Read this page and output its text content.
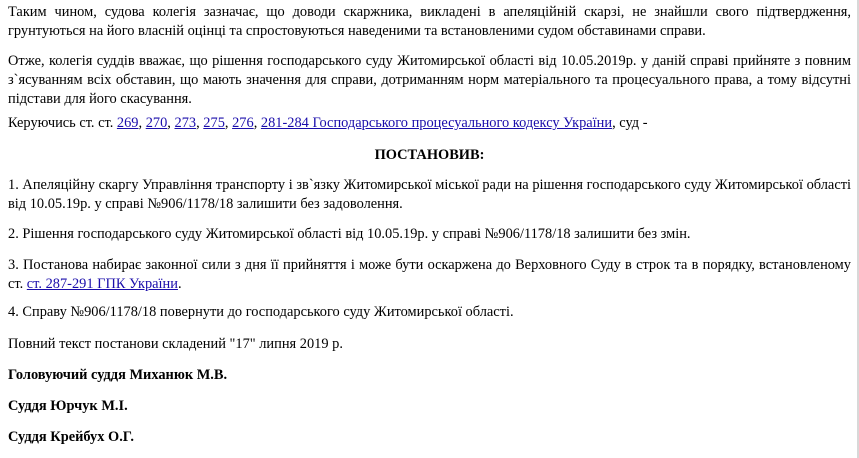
Таким чином, судова колегія зазначає, що доводи скаржника, викладені в апеляційній скарзі, не знайшли свого підтвердження, грунтуються на його власній оцінці та спростовуються наведеними та встановленими судом обставинами справи.

Отже, колегія суддів вважає, що рішення господарського суду Житомирської області від 10.05.2019р. у даній справі прийняте з повним з`ясуванням всіх обставин, що мають значення для справи, дотриманням норм матеріального та процесуального права, а тому відсутні підстави для його скасування.

Керуючись ст. ст. 269, 270, 273, 275, 276, 281-284 Господарського процесуального кодексу України, суд -

ПОСТАНОВИВ:

1. Апеляційну скаргу Управління транспорту і зв`язку Житомирської міської ради на рішення господарського суду Житомирської області від 10.05.19р. у справі №906/1178/18 залишити без задоволення.

2. Рішення господарського суду Житомирської області від 10.05.19р. у справі №906/1178/18 залишити без змін.

3. Постанова набирає законної сили з дня її прийняття і може бути оскаржена до Верховного Суду в строк та в порядку, встановленому ст. ст. 287-291 ГПК України.

4. Справу №906/1178/18 повернути до господарського суду Житомирської області.

Повний текст постанови складений "17" липня 2019 р.

Головуючий суддя Миханюк М.В.

Суддя Юрчук М.І.

Суддя Крейбух О.Г.
